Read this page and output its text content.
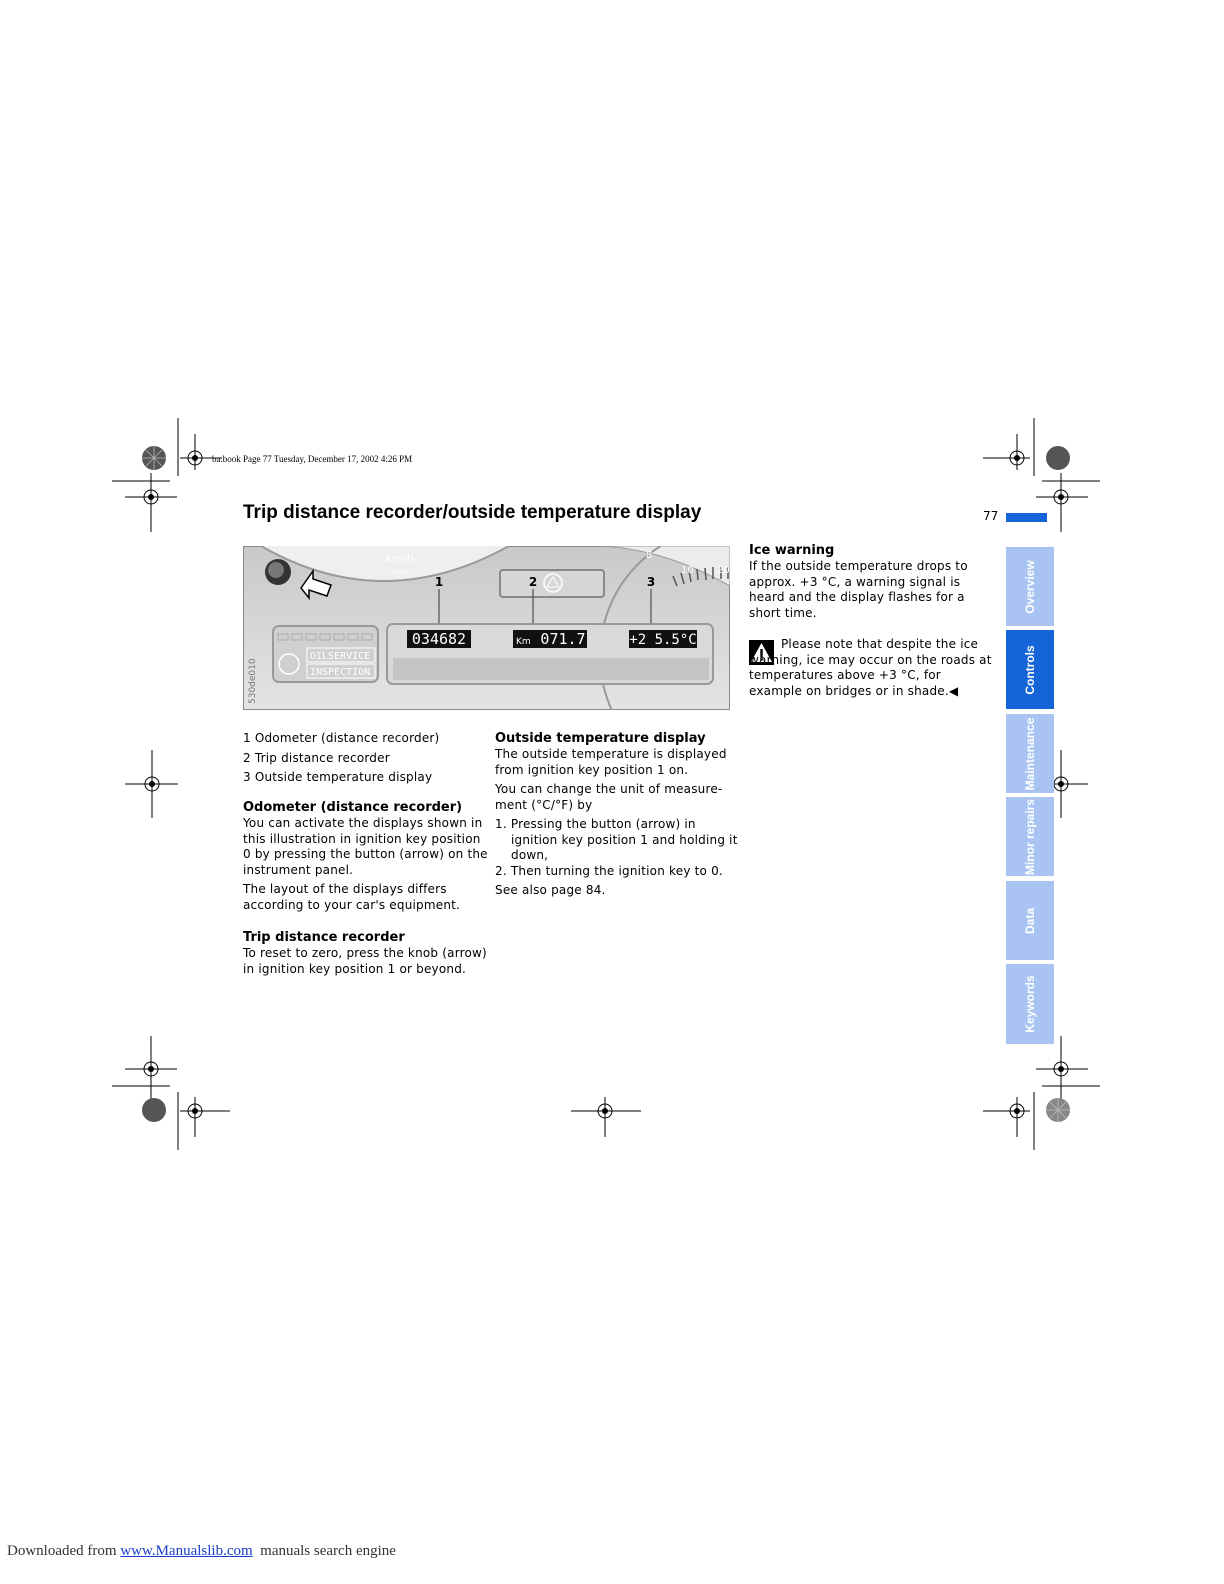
ba.book Page 77 Tuesday, December 17, 2002 4:26 PM
Trip distance recorder/outside temperature display	77
km/h
mph
8
10 20
1	2	3
OILSERVICE
INSPECTION
034682	Km 071.7	+2 5.5°C
530de010
1 Odometer (distance recorder)
2 Trip distance recorder
3 Outside temperature display
Odometer (distance recorder)
You can activate the displays shown in this illustration in ignition key position 0 by pressing the button (arrow) on the instrument panel.
The layout of the displays differs according to your car's equipment.
Trip distance recorder
To reset to zero, press the knob (arrow) in ignition key position 1 or beyond.
Outside temperature display
The outside temperature is displayed from ignition key position 1 on.
You can change the unit of measure-ment (°C/°F) by
1. Pressing the button (arrow) in ignition key position 1 and holding it down,
2. Then turning the ignition key to 0.
See also page 84.
Ice warning
If the outside temperature drops to approx. +3 °C, a warning signal is heard and the display flashes for a short time.
Please note that despite the ice warning, ice may occur on the roads at temperatures above +3 °C, for example on bridges or in shade.◀
Overview
Controls
Maintenance
Minor repairs
Data
Keywords
Downloaded from www.Manualslib.com  manuals search engine
